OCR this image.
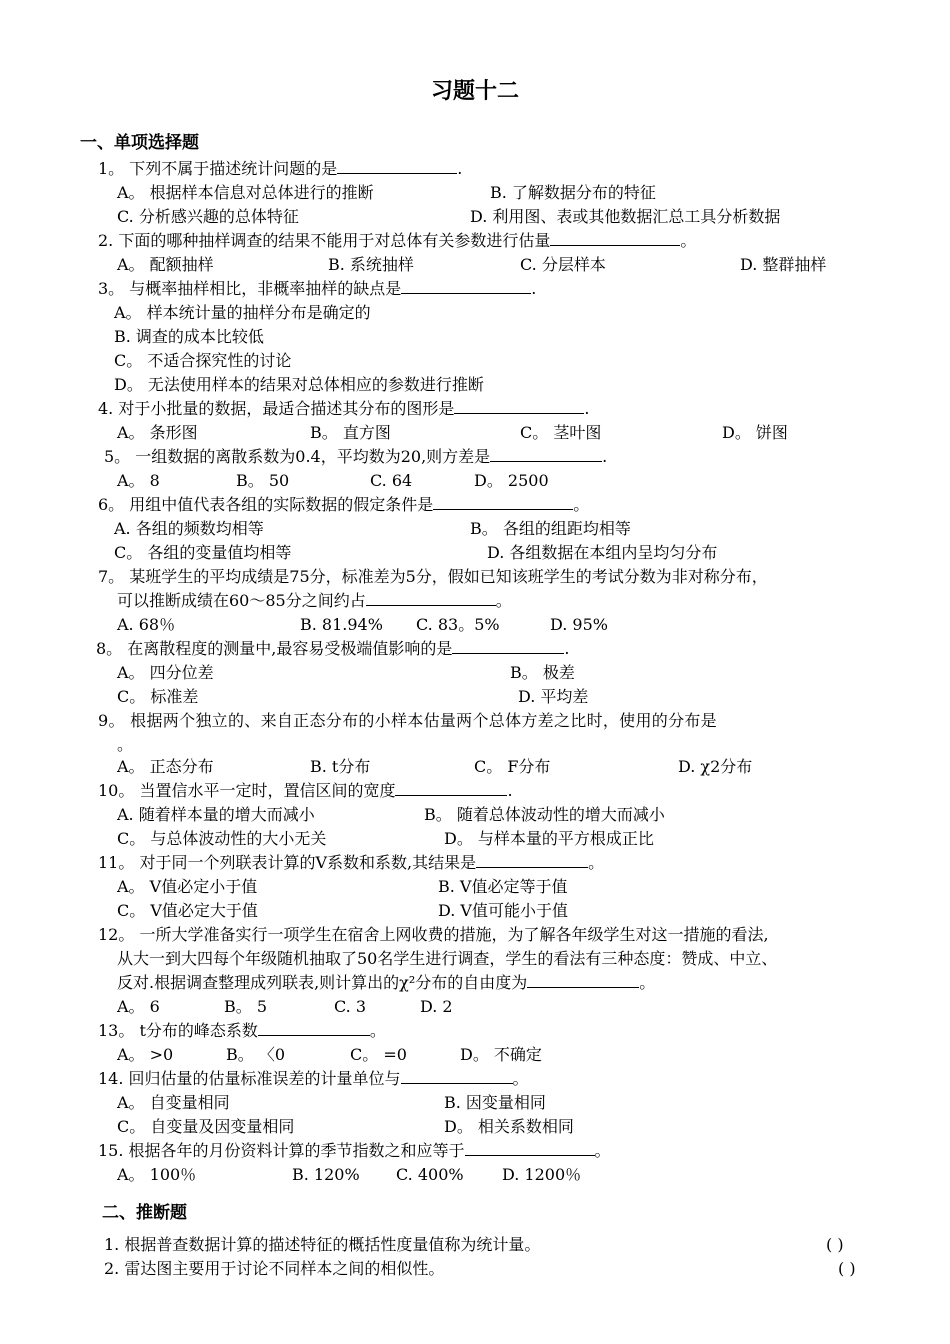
习题十二
一、单项选择题
1。 下列不属于描述统计问题的是	.
A。 根据样本信息对总体进行的推断	B. 了解数据分布的特征
C. 分析感兴趣的总体特征	D. 利用图、表或其他数据汇总工具分析数据
2. 下面的哪种抽样调查的结果不能用于对总体有关参数进行估量	。
A。 配额抽样	B. 系统抽样	C. 分层样本	D. 整群抽样
3。 与概率抽样相比，非概率抽样的缺点是	.
A。 样本统计量的抽样分布是确定的
B. 调查的成本比较低
C。 不适合探究性的讨论
D。 无法使用样本的结果对总体相应的参数进行推断
4. 对于小批量的数据，最适合描述其分布的图形是	.
A。 条形图	B。 直方图	C。 茎叶图	D。 饼图
5。 一组数据的离散系数为0.4，平均数为20,则方差是	.
A。 8	B。 50	C. 64	D。 2500
6。 用组中值代表各组的实际数据的假定条件是	。
A. 各组的频数均相等	B。 各组的组距均相等
C。 各组的变量值均相等	D. 各组数据在本组内呈均匀分布
7。 某班学生的平均成绩是75分，标准差为5分，假如已知该班学生的考试分数为非对称分布，
可以推断成绩在60～85分之间约占	。
A. 68％	B. 81.94% C. 83。5%	D. 95%
8。 在离散程度的测量中,最容易受极端值影响的是	.
A。 四分位差	B。 极差
C。 标准差	D. 平均差
9。 根据两个独立的、来自正态分布的小样本估量两个总体方差之比时，使用的分布是
。
A。 正态分布	B. t分布	C。 F分布	D. χ2分布
10。 当置信水平一定时，置信区间的宽度	.
A. 随着样本量的增大而减小	B。 随着总体波动性的增大而减小
C。 与总体波动性的大小无关	D。 与样本量的平方根成正比
11。 对于同一个列联表计算的V系数和系数,其结果是	。
A。 V值必定小于值	B. V值必定等于值
C。 V值必定大于值	D. V值可能小于值
12。 一所大学准备实行一项学生在宿舍上网收费的措施，为了解各年级学生对这一措施的看法,
从大一到大四每个年级随机抽取了50名学生进行调查，学生的看法有三种态度：赞成、中立、
反对.根据调查整理成列联表,则计算出的χ²分布的自由度为	。
A。 6	B。 5	C. 3	D. 2
13。 t分布的峰态系数	。
A。 >0	B。 〈0	C。 =0	D。 不确定
14. 回归估量的估量标准误差的计量单位与	。
A。 自变量相同	B. 因变量相同
C。 自变量及因变量相同	D。 相关系数相同
15. 根据各年的月份资料计算的季节指数之和应等于	。
A。 100％	B. 120% C. 400% D. 1200％
二、推断题
1. 根据普查数据计算的描述特征的概括性度量值称为统计量。	( )
2. 雷达图主要用于讨论不同样本之间的相似性。	( )
